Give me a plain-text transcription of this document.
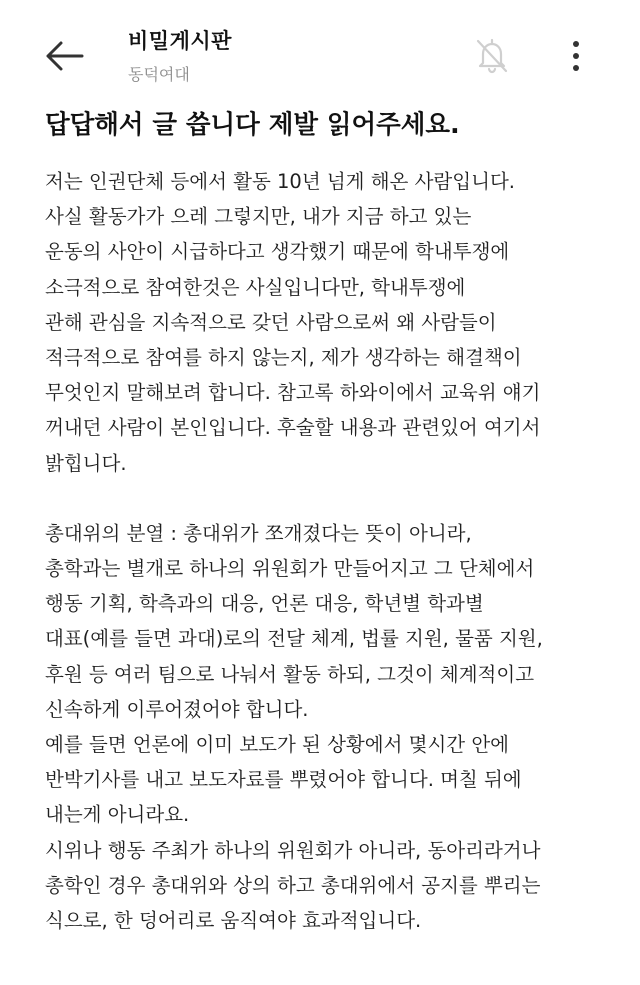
비밀게시판
동덕여대
답답해서 글 씁니다 제발 읽어주세요.
저는 인권단체 등에서 활동 10년 넘게 해온 사람입니다.
사실 활동가가 으레 그렇지만, 내가 지금 하고 있는
운동의 사안이 시급하다고 생각했기 때문에 학내투쟁에
소극적으로 참여한것은 사실입니다만, 학내투쟁에
관해 관심을 지속적으로 갖던 사람으로써 왜 사람들이
적극적으로 참여를 하지 않는지, 제가 생각하는 해결책이
무엇인지 말해보려 합니다. 참고록 하와이에서 교육위 얘기
꺼내던 사람이 본인입니다. 후술할 내용과 관련있어 여기서
밝힙니다.
총대위의 분열 : 총대위가 쪼개졌다는 뜻이 아니라,
총학과는 별개로 하나의 위원회가 만들어지고 그 단체에서
행동 기획, 학측과의 대응, 언론 대응, 학년별 학과별
대표(예를 들면 과대)로의 전달 체계, 법률 지원, 물품 지원,
후원 등 여러 팀으로 나눠서 활동 하되, 그것이 체계적이고
신속하게 이루어졌어야 합니다.
예를 들면 언론에 이미 보도가 된 상황에서 몇시간 안에
반박기사를 내고 보도자료를 뿌렸어야 합니다. 며칠 뒤에
내는게 아니라요.
시위나 행동 주최가 하나의 위원회가 아니라, 동아리라거나
총학인 경우 총대위와 상의 하고 총대위에서 공지를 뿌리는
식으로, 한 덩어리로 움직여야 효과적입니다.
